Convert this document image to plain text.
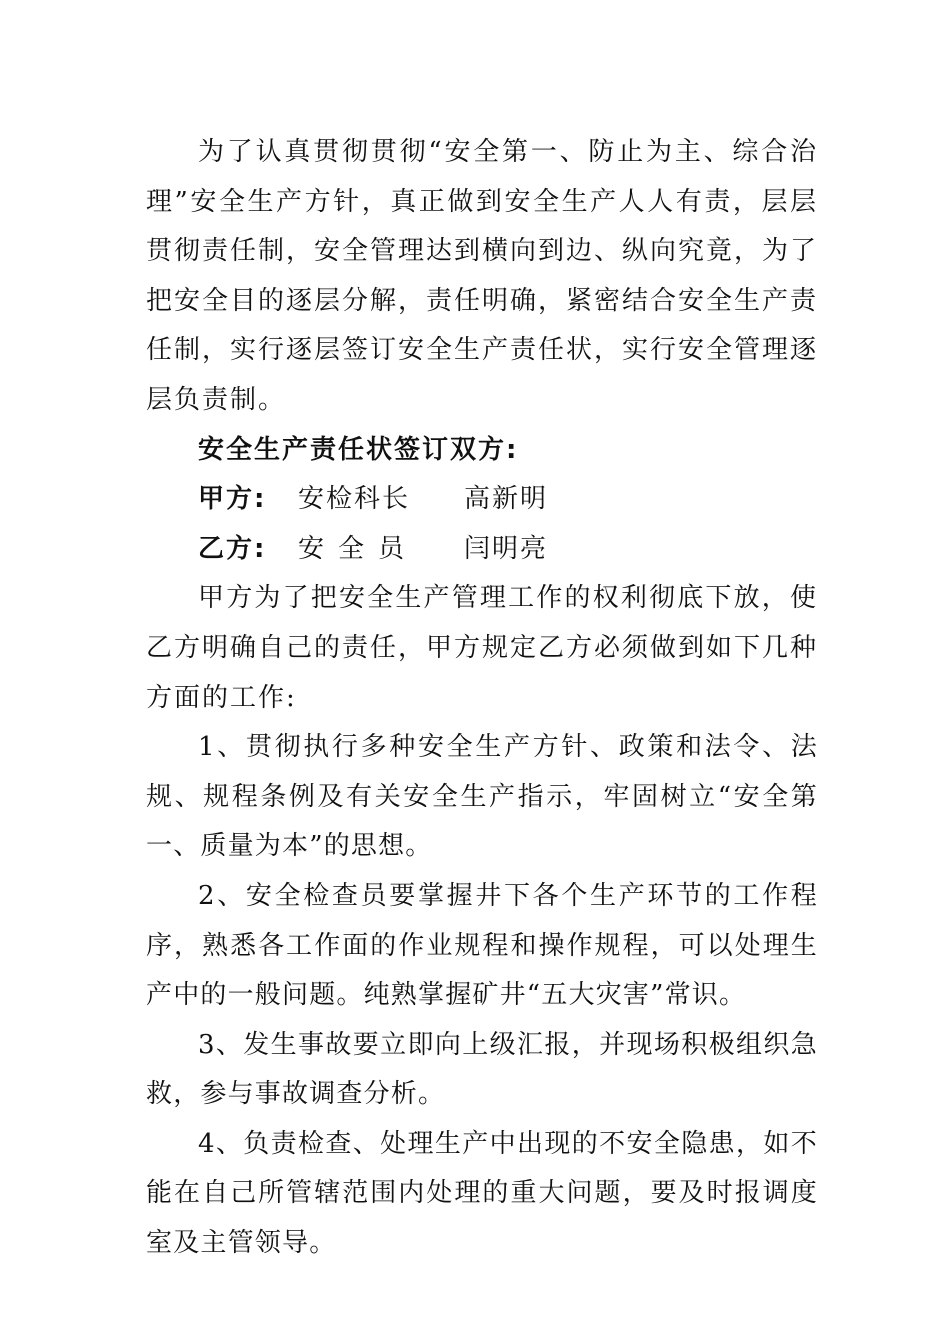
为了认真贯彻贯彻“安全第一、防止为主、综合治理”安全生产方针，真正做到安全生产人人有责，层层贯彻责任制，安全管理达到横向到边、纵向究竟，为了把安全目的逐层分解，责任明确，紧密结合安全生产责任制，实行逐层签订安全生产责任状，实行安全管理逐层负责制。

安全生产责任状签订双方:

甲方: 安检科长 高新明
乙方: 安全员 闫明亮

甲方为了把安全生产管理工作的权利彻底下放，使乙方明确自己的责任，甲方规定乙方必须做到如下几种方面的工作:

1、贯彻执行多种安全生产方针、政策和法令、法规、规程条例及有关安全生产指示，牢固树立“安全第一、质量为本”的思想。

2、安全检查员要掌握井下各个生产环节的工作程序，熟悉各工作面的作业规程和操作规程，可以处理生产中的一般问题。纯熟掌握矿井“五大灾害”常识。

3、发生事故要立即向上级汇报，并现场积极组织急救，参与事故调查分析。

4、负责检查、处理生产中出现的不安全隐患，如不能在自己所管辖范围内处理的重大问题，要及时报调度室及主管领导。
